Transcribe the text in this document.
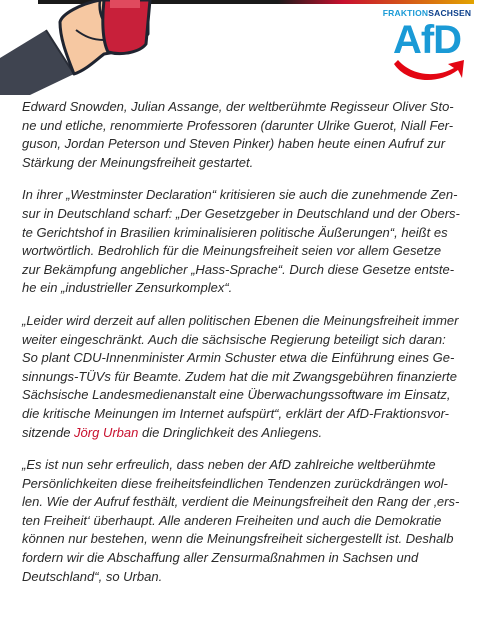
FRAKTIONSACHSEN
AfD

Edward Snowden, Julian Assange, der weltberühmte Regisseur Oliver Sto-
ne und etliche, renommierte Professoren (darunter Ulrike Guerot, Niall Fer-
guson, Jordan Peterson und Steven Pinker) haben heute einen Aufruf zur
Stärkung der Meinungsfreiheit gestartet.

In ihrer „Westminster Declaration“ kritisieren sie auch die zunehmende Zen-
sur in Deutschland scharf: „Der Gesetzgeber in Deutschland und der Obers-
te Gerichtshof in Brasilien kriminalisieren politische Äußerungen“, heißt es
wortwörtlich. Bedrohlich für die Meinungsfreiheit seien vor allem Gesetze
zur Bekämpfung angeblicher „Hass-Sprache“. Durch diese Gesetze entste-
he ein „industrieller Zensurkomplex“.

„Leider wird derzeit auf allen politischen Ebenen die Meinungsfreiheit immer
weiter eingeschränkt. Auch die sächsische Regierung beteiligt sich daran:
So plant CDU-Innenminister Armin Schuster etwa die Einführung eines Ge-
sinnungs-TÜVs für Beamte. Zudem hat die mit Zwangsgebühren finanzierte
Sächsische Landesmedienanstalt eine Überwachungssoftware im Einsatz,
die kritische Meinungen im Internet aufspürt“, erklärt der AfD-Fraktionsvor-
sitzende Jörg Urban die Dringlichkeit des Anliegens.

„Es ist nun sehr erfreulich, dass neben der AfD zahlreiche weltberühmte
Persönlichkeiten diese freiheitsfeindlichen Tendenzen zurückdrängen wol-
len. Wie der Aufruf festhält, verdient die Meinungsfreiheit den Rang der ‚ers-
ten Freiheit‘ überhaupt. Alle anderen Freiheiten und auch die Demokratie
können nur bestehen, wenn die Meinungsfreiheit sichergestellt ist. Deshalb
fordern wir die Abschaffung aller Zensurmaßnahmen in Sachsen und
Deutschland“, so Urban.
